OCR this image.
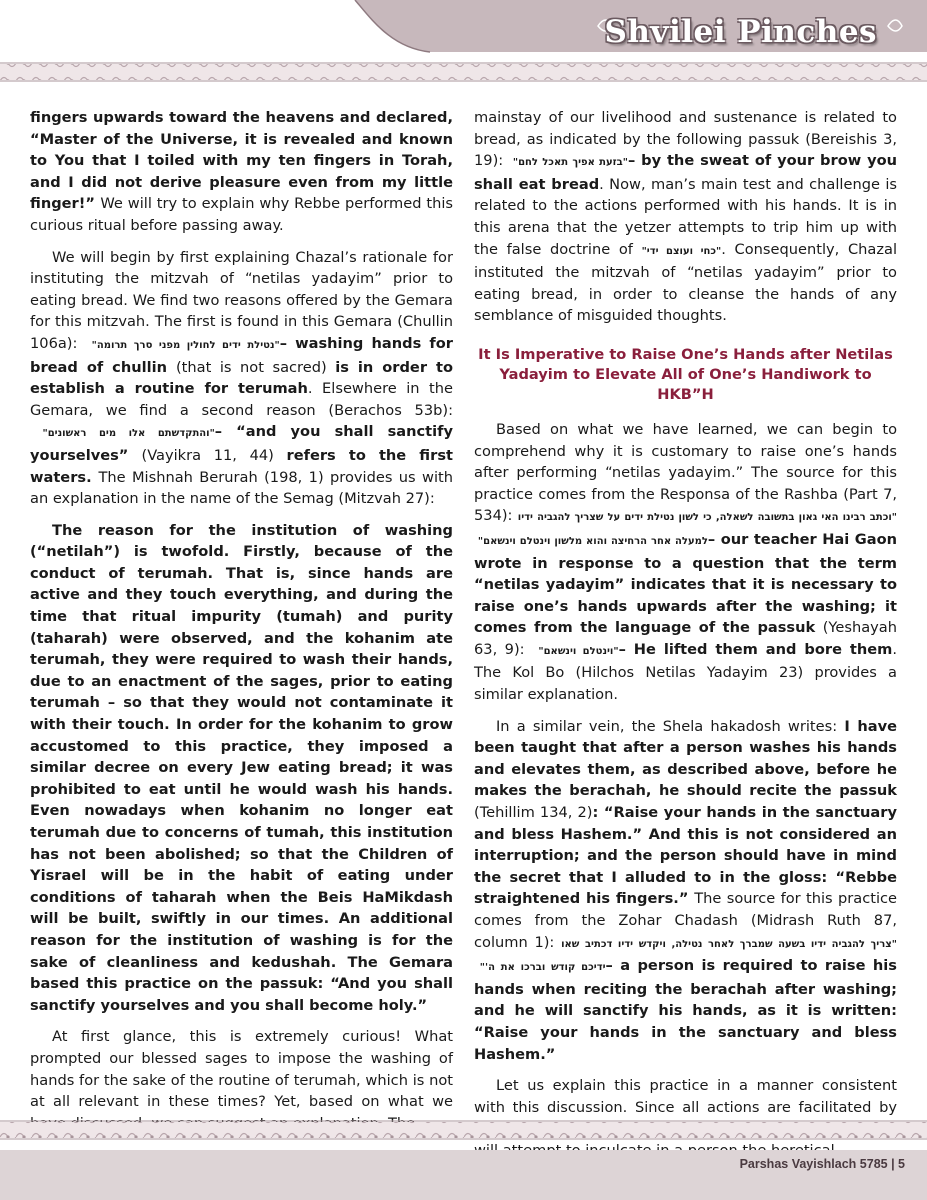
Shvilei Pinches

fingers upwards toward the heavens and declared, “Master of the Universe, it is revealed and known to You that I toiled with my ten fingers in Torah, and I did not derive pleasure even from my little finger!” We will try to explain why Rebbe performed this curious ritual before passing away.

We will begin by first explaining Chazal’s rationale for instituting the mitzvah of “netilas yadayim” prior to eating bread. We find two reasons offered by the Gemara for this mitzvah. The first is found in this Gemara (Chullin 106a): "נטילת ידים לחולין מפני סרך תרומה" – washing hands for bread of chullin (that is not sacred) is in order to establish a routine for terumah. Elsewhere in the Gemara, we find a second reason (Berachos 53b): "והתקדשתם אלו מים ראשונים" – “and you shall sanctify yourselves” (Vayikra 11, 44) refers to the first waters. The Mishnah Berurah (198, 1) provides us with an explanation in the name of the Semag (Mitzvah 27):

The reason for the institution of washing (“netilah”) is twofold. Firstly, because of the conduct of terumah. That is, since hands are active and they touch everything, and during the time that ritual impurity (tumah) and purity (taharah) were observed, and the kohanim ate terumah, they were required to wash their hands, due to an enactment of the sages, prior to eating terumah – so that they would not contaminate it with their touch. In order for the kohanim to grow accustomed to this practice, they imposed a similar decree on every Jew eating bread; it was prohibited to eat until he would wash his hands. Even nowadays when kohanim no longer eat terumah due to concerns of tumah, this institution has not been abolished; so that the Children of Yisrael will be in the habit of eating under conditions of taharah when the Beis HaMikdash will be built, swiftly in our times. An additional reason for the institution of washing is for the sake of cleanliness and kedushah. The Gemara based this practice on the passuk: “And you shall sanctify yourselves and you shall become holy.”

At first glance, this is extremely curious! What prompted our blessed sages to impose the washing of hands for the sake of the routine of terumah, which is not at all relevant in these times? Yet, based on what we

mainstay of our livelihood and sustenance is related to bread, as indicated by the following passuk (Bereishis 3, 19): "בזעת אפיך תאכל לחם" – by the sweat of your brow you shall eat bread. Now, man’s main test and challenge is related to the actions performed with his hands. It is in this arena that the yetzer attempts to trip him up with the false doctrine of "כחי ועוצם ידי". Consequently, Chazal instituted the mitzvah of “netilas yadayim” prior to eating bread, in order to cleanse the hands of any semblance of misguided thoughts.

It Is Imperative to Raise One’s Hands after Netilas Yadayim to Elevate All of One’s Handiwork to HKB”H

Based on what we have learned, we can begin to comprehend why it is customary to raise one’s hands after performing “netilas yadayim.” The source for this practice comes from the Responsa of the Rashba (Part 7, 534): "וכתב רבינו האי גאון בתשובה לשאלה, כי לשון נטילת ידים על שצריך להגביה ידיו למעלה אחר הרחיצה והוא מלשון וינטלם וינשאם" – our teacher Hai Gaon wrote in response to a question that the term “netilas yadayim” indicates that it is necessary to raise one’s hands upwards after the washing; it comes from the language of the passuk (Yeshayah 63, 9): "וינטלם וינשאם" – He lifted them and bore them. The Kol Bo (Hilchos Netilas Yadayim 23) provides a similar explanation.

In a similar vein, the Shela hakadosh writes: I have been taught that after a person washes his hands and elevates them, as described above, before he makes the berachah, he should recite the passuk (Tehillim 134, 2): “Raise your hands in the sanctuary and bless Hashem.” And this is not considered an interruption; and the person should have in mind the secret that I alluded to in the gloss: “Rebbe straightened his fingers.” The source for this practice comes from the Zohar Chadash (Midrash Ruth 87, column 1): "צריך להגביה ידיו בשעה שמברך לאחר נטילה, ויקדש ידיו דכתיב שאו ידיכם קודש וברכו את ה'" – a person is required to raise his hands when reciting the berachah after washing; and he will sanctify his hands, as it is written: “Raise your hands in the sanctuary and bless Hashem.”

Let us explain this practice in a manner consistent with this discussion. Since all actions are facilitated by

Parshas Vayishlach 5785 | 5
